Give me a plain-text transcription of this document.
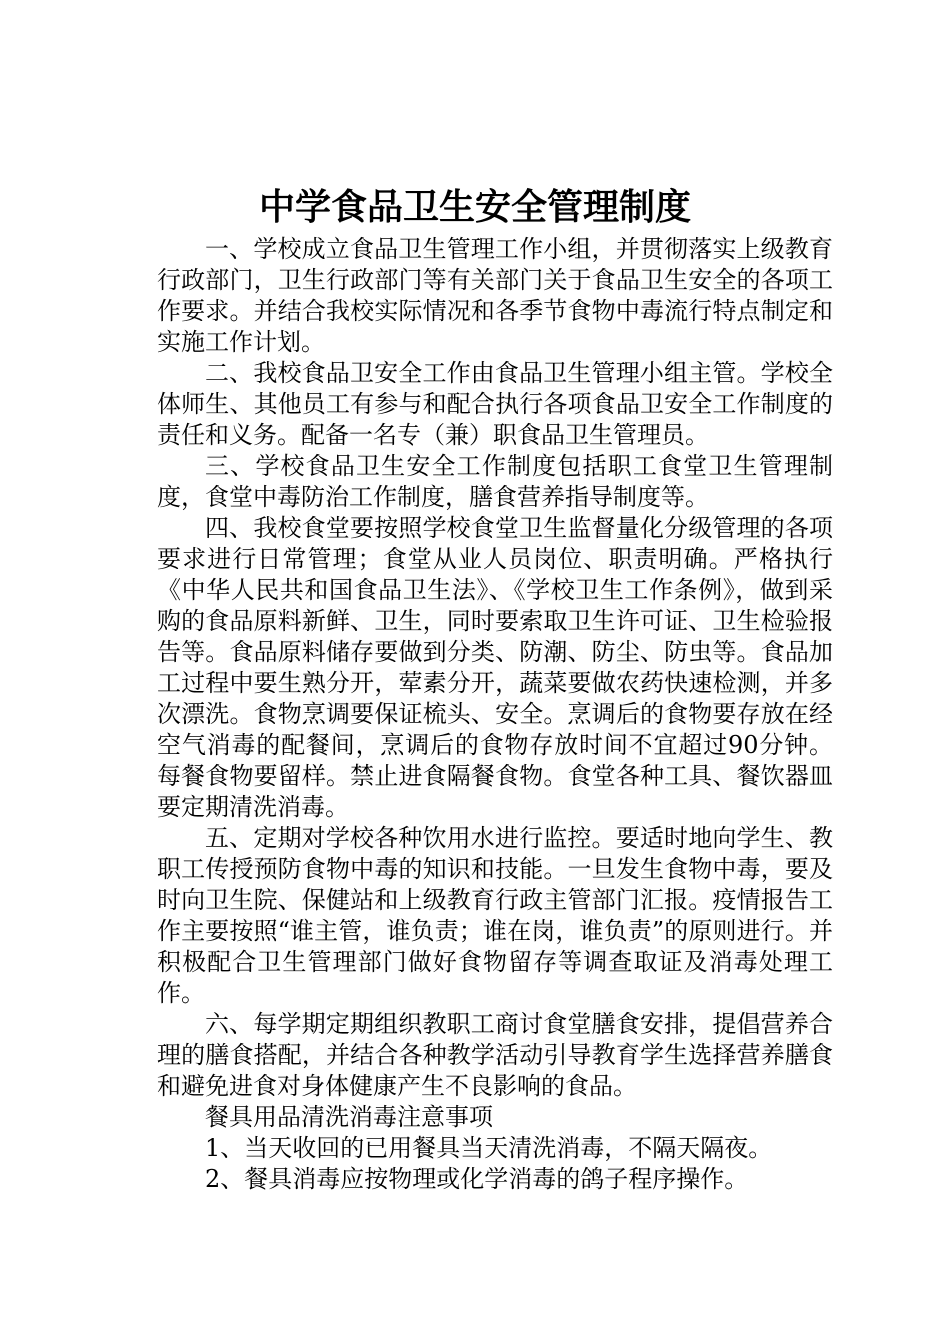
中学食品卫生安全管理制度

一、学校成立食品卫生管理工作小组，并贯彻落实上级教育行政部门，卫生行政部门等有关部门关于食品卫生安全的各项工作要求。并结合我校实际情况和各季节食物中毒流行特点制定和实施工作计划。

二、我校食品卫安全工作由食品卫生管理小组主管。学校全体师生、其他员工有参与和配合执行各项食品卫安全工作制度的责任和义务。配备一名专（兼）职食品卫生管理员。

三、学校食品卫生安全工作制度包括职工食堂卫生管理制度，食堂中毒防治工作制度，膳食营养指导制度等。

四、我校食堂要按照学校食堂卫生监督量化分级管理的各项要求进行日常管理；食堂从业人员岗位、职责明确。严格执行《中华人民共和国食品卫生法》、《学校卫生工作条例》，做到采购的食品原料新鲜、卫生，同时要索取卫生许可证、卫生检验报告等。食品原料储存要做到分类、防潮、防尘、防虫等。食品加工过程中要生熟分开，荤素分开，蔬菜要做农药快速检测，并多次漂洗。食物烹调要保证梳头、安全。烹调后的食物要存放在经空气消毒的配餐间，烹调后的食物存放时间不宜超过90分钟。每餐食物要留样。禁止进食隔餐食物。食堂各种工具、餐饮器皿要定期清洗消毒。

五、定期对学校各种饮用水进行监控。要适时地向学生、教职工传授预防食物中毒的知识和技能。一旦发生食物中毒，要及时向卫生院、保健站和上级教育行政主管部门汇报。疫情报告工作主要按照“谁主管，谁负责；谁在岗，谁负责”的原则进行。并积极配合卫生管理部门做好食物留存等调查取证及消毒处理工作。

六、每学期定期组织教职工商讨食堂膳食安排，提倡营养合理的膳食搭配，并结合各种教学活动引导教育学生选择营养膳食和避免进食对身体健康产生不良影响的食品。

餐具用品清洗消毒注意事项

1、当天收回的已用餐具当天清洗消毒，不隔天隔夜。

2、餐具消毒应按物理或化学消毒的鸽子程序操作。
